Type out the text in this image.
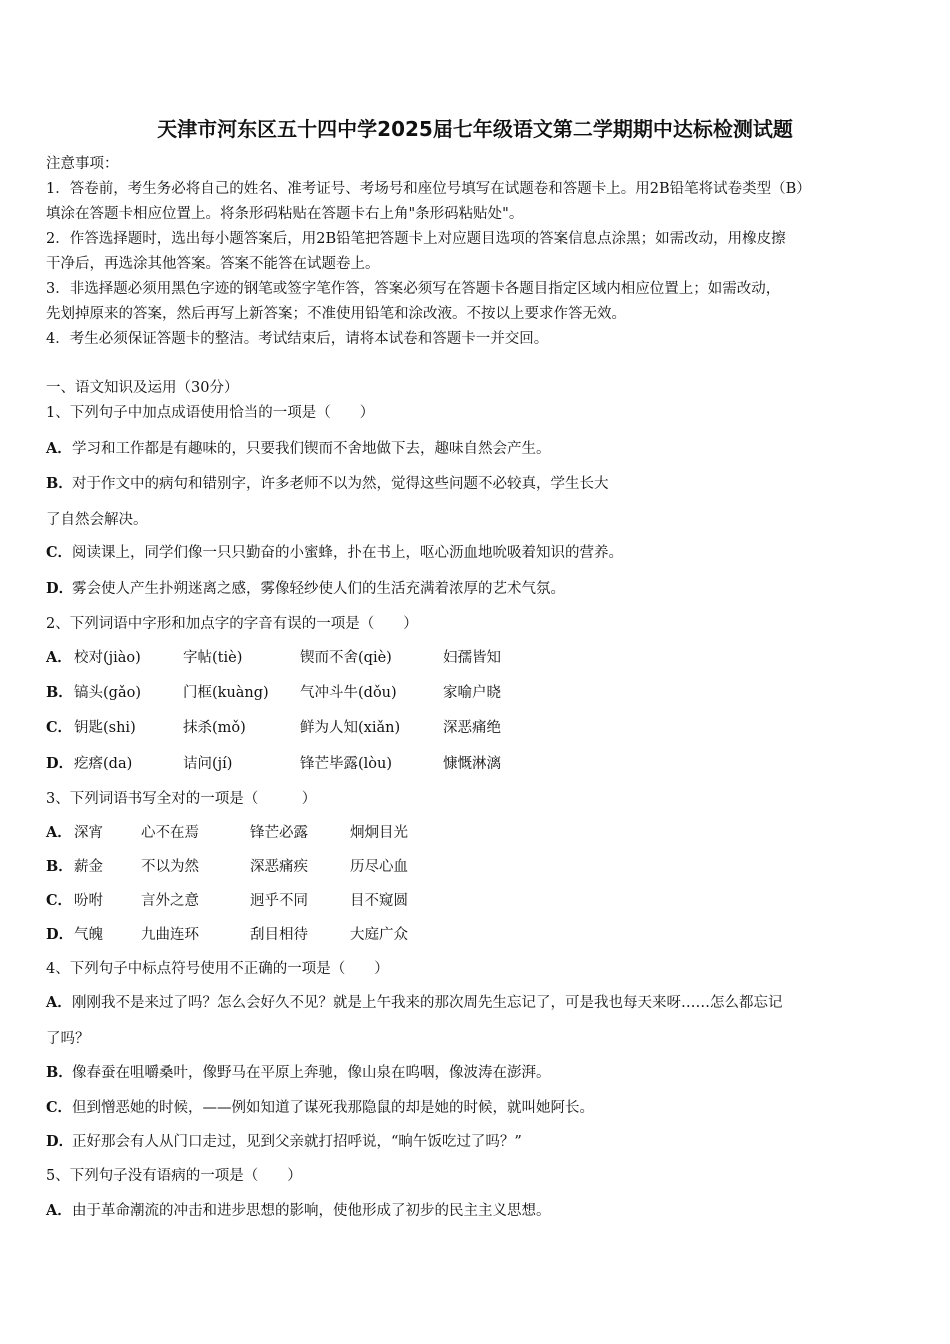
天津市河东区五十四中学2025届七年级语文第二学期期中达标检测试题
注意事项：
1．答卷前，考生务必将自己的姓名、准考证号、考场号和座位号填写在试题卷和答题卡上。用2B铅笔将试卷类型（B）
填涂在答题卡相应位置上。将条形码粘贴在答题卡右上角"条形码粘贴处"。
2．作答选择题时，选出每小题答案后，用2B铅笔把答题卡上对应题目选项的答案信息点涂黑；如需改动，用橡皮擦
干净后，再选涂其他答案。答案不能答在试题卷上。
3．非选择题必须用黑色字迹的钢笔或签字笔作答，答案必须写在答题卡各题目指定区域内相应位置上；如需改动，
先划掉原来的答案，然后再写上新答案；不准使用铅笔和涂改液。不按以上要求作答无效。
4．考生必须保证答题卡的整洁。考试结束后，请将本试卷和答题卡一并交回。
一、语文知识及运用（30分）
1、下列句子中加点成语使用恰当的一项是（　　）
A．学习和工作都是有趣味的，只要我们锲而不舍地做下去，趣味自然会产生。
B．对于作文中的病句和错别字，许多老师不以为然，觉得这些问题不必较真，学生长大
了自然会解决。
C．阅读课上，同学们像一只只勤奋的小蜜蜂，扑在书上，呕心沥血地吮吸着知识的营养。
D．雾会使人产生扑朔迷离之感，雾像轻纱使人们的生活充满着浓厚的艺术气氛。
2、下列词语中字形和加点字的字音有误的一项是（　　）
A． 校对(jiào)	字帖(tiè)	锲而不舍(qiè)	妇孺皆知
B． 镐头(gǎo)	门框(kuàng) 气冲斗牛(dǒu)	家喻户晓
C． 钥匙(shi)	抹杀(mǒ)	鲜为人知(xiǎn)	深恶痛绝
D． 疙瘩(da)	诘问(jí)	锋芒毕露(lòu)	慷慨淋漓
3、下列词语书写全对的一项是（　　　）
A． 深宵	心不在焉	锋芒必露	炯炯目光
B． 薪金	不以为然	深恶痛疾	历尽心血
C． 吩咐	言外之意	迥乎不同	目不窥圆
D． 气魄	九曲连环	刮目相待	大庭广众
4、下列句子中标点符号使用不正确的一项是（　　）
A．刚刚我不是来过了吗？怎么会好久不见？就是上午我来的那次周先生忘记了，可是我也每天来呀……怎么都忘记
了吗？
B．像春蚕在咀嚼桑叶，像野马在平原上奔驰，像山泉在呜咽，像波涛在澎湃。
C．但到憎恶她的时候，——例如知道了谋死我那隐鼠的却是她的时候，就叫她阿长。
D．正好那会有人从门口走过，见到父亲就打招呼说，“晌午饭吃过了吗？”
5、下列句子没有语病的一项是（　　）
A．由于革命潮流的冲击和进步思想的影响，使他形成了初步的民主主义思想。
